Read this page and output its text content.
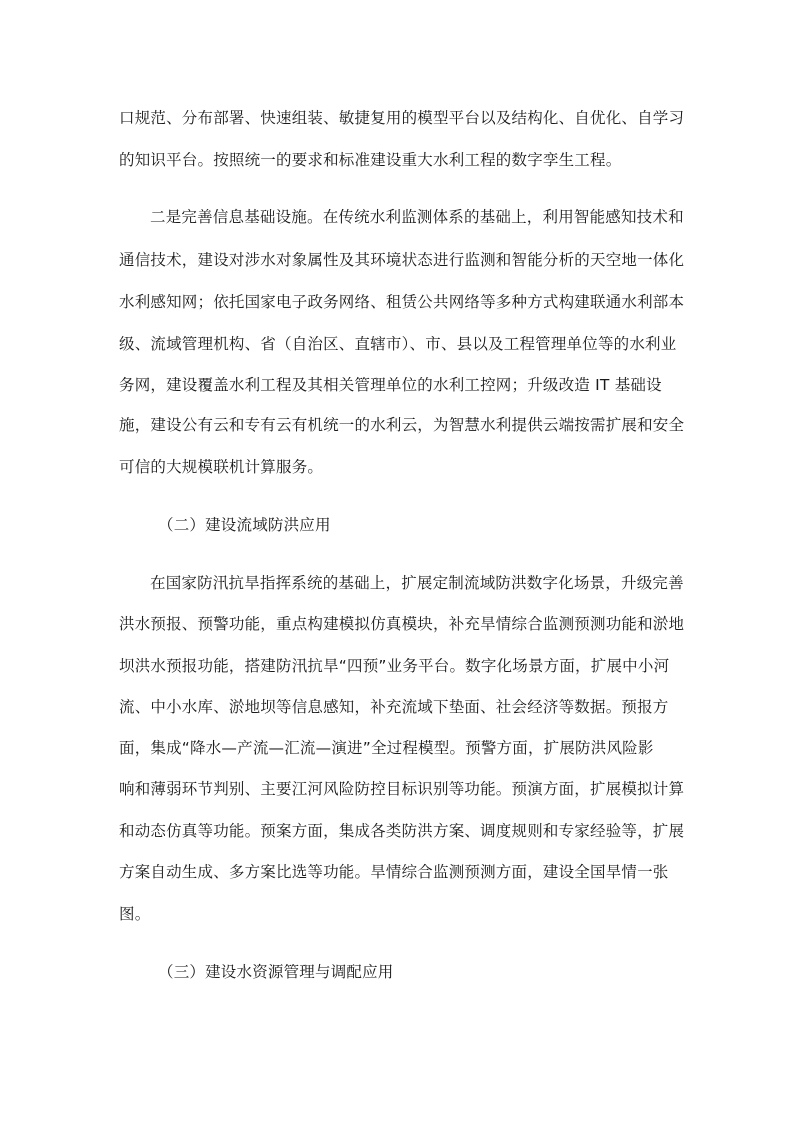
口规范、分布部署、快速组装、敏捷复用的模型平台以及结构化、自优化、自学习
的知识平台。按照统一的要求和标准建设重大水利工程的数字孪生工程。
二是完善信息基础设施。在传统水利监测体系的基础上，利用智能感知技术和
通信技术，建设对涉水对象属性及其环境状态进行监测和智能分析的天空地一体化
水利感知网；依托国家电子政务网络、租赁公共网络等多种方式构建联通水利部本
级、流域管理机构、省（自治区、直辖市）、市、县以及工程管理单位等的水利业
务网，建设覆盖水利工程及其相关管理单位的水利工控网；升级改造 IT 基础设
施，建设公有云和专有云有机统一的水利云，为智慧水利提供云端按需扩展和安全
可信的大规模联机计算服务。
（二）建设流域防洪应用
在国家防汛抗旱指挥系统的基础上，扩展定制流域防洪数字化场景，升级完善
洪水预报、预警功能，重点构建模拟仿真模块，补充旱情综合监测预测功能和淤地
坝洪水预报功能，搭建防汛抗旱“四预”业务平台。数字化场景方面，扩展中小河
流、中小水库、淤地坝等信息感知，补充流域下垫面、社会经济等数据。预报方
面，集成“降水—产流—汇流—演进”全过程模型。预警方面，扩展防洪风险影
响和薄弱环节判别、主要江河风险防控目标识别等功能。预演方面，扩展模拟计算
和动态仿真等功能。预案方面，集成各类防洪方案、调度规则和专家经验等，扩展
方案自动生成、多方案比选等功能。旱情综合监测预测方面，建设全国旱情一张
图。
（三）建设水资源管理与调配应用
